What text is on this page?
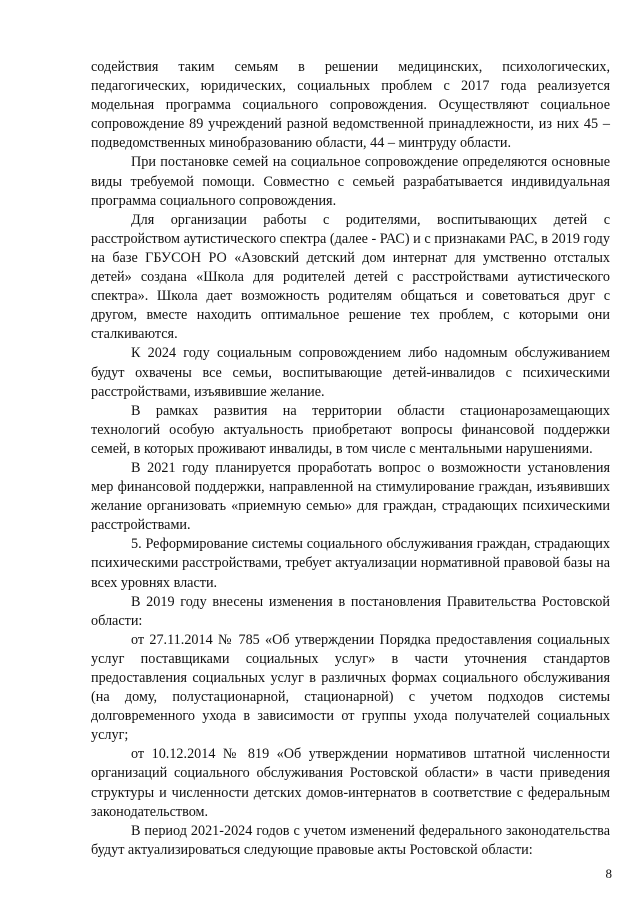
содействия таким семьям в решении медицинских, психологических, педагогических, юридических, социальных проблем с 2017 года реализуется модельная программа социального сопровождения. Осуществляют социальное сопровождение 89 учреждений разной ведомственной принадлежности, из них 45 – подведомственных минобразованию области, 44 – минтруду области.

При постановке семей на социальное сопровождение определяются основные виды требуемой помощи. Совместно с семьей разрабатывается индивидуальная программа социального сопровождения.

Для организации работы с родителями, воспитывающих детей с расстройством аутистического спектра (далее - РАС) и с признаками РАС, в 2019 году на базе ГБУСОН РО «Азовский детский дом интернат для умственно отсталых детей» создана «Школа для родителей детей с расстройствами аутистического спектра». Школа дает возможность родителям общаться и советоваться друг с другом, вместе находить оптимальное решение тех проблем, с которыми они сталкиваются.

К 2024 году социальным сопровождением либо надомным обслуживанием будут охвачены все семьи, воспитывающие детей-инвалидов с психическими расстройствами, изъявившие желание.

В рамках развития на территории области стационарозамещающих технологий особую актуальность приобретают вопросы финансовой поддержки семей, в которых проживают инвалиды, в том числе с ментальными нарушениями.

В 2021 году планируется проработать вопрос о возможности установления мер финансовой поддержки, направленной на стимулирование граждан, изъявивших желание организовать «приемную семью» для граждан, страдающих психическими расстройствами.

5. Реформирование системы социального обслуживания граждан, страдающих психическими расстройствами, требует актуализации нормативной правовой базы на всех уровнях власти.

В 2019 году внесены изменения в постановления Правительства Ростовской области:

от 27.11.2014 № 785 «Об утверждении Порядка предоставления социальных услуг поставщиками социальных услуг» в части уточнения стандартов предоставления социальных услуг в различных формах социального обслуживания (на дому, полустационарной, стационарной) с учетом подходов системы долговременного ухода в зависимости от группы ухода получателей социальных услуг;

от 10.12.2014 № 819 «Об утверждении нормативов штатной численности организаций социального обслуживания Ростовской области» в части приведения структуры и численности детских домов-интернатов в соответствие с федеральным законодательством.

В период 2021-2024 годов с учетом изменений федерального законодательства будут актуализироваться следующие правовые акты Ростовской области:

8
